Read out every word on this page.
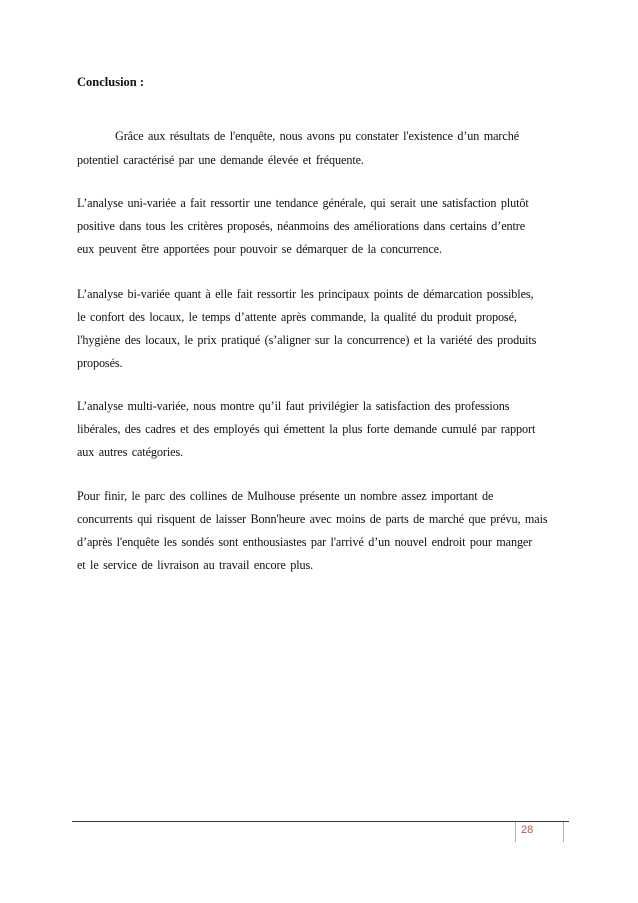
Conclusion :
Grâce aux résultats de l'enquête, nous avons pu constater l'existence d’un marché
potentiel caractérisé par une demande élevée et fréquente.
L’analyse uni-variée a fait ressortir une tendance générale, qui serait une satisfaction plutôt
positive dans tous les critères proposés, néanmoins des améliorations dans certains d’entre
eux peuvent être apportées pour pouvoir se démarquer de la concurrence.
L’analyse bi-variée quant à elle fait ressortir les principaux points de démarcation possibles,
le confort des locaux, le temps d’attente après commande, la qualité du produit proposé,
l'hygiène des locaux, le prix pratiqué (s’aligner sur la concurrence) et la variété des produits
proposés.
L’analyse multi-variée, nous montre qu’il faut privilégier la satisfaction des professions
libérales, des cadres et des employés qui émettent la plus forte demande cumulé par rapport
aux autres catégories.
Pour finir, le parc des collines de Mulhouse présente un nombre assez important de
concurrents qui risquent de laisser Bonn'heure avec moins de parts de marché que prévu, mais
d’après l'enquête les sondés sont enthousiastes par l'arrivé d’un nouvel endroit pour manger
et le service de livraison au travail encore plus.
28
